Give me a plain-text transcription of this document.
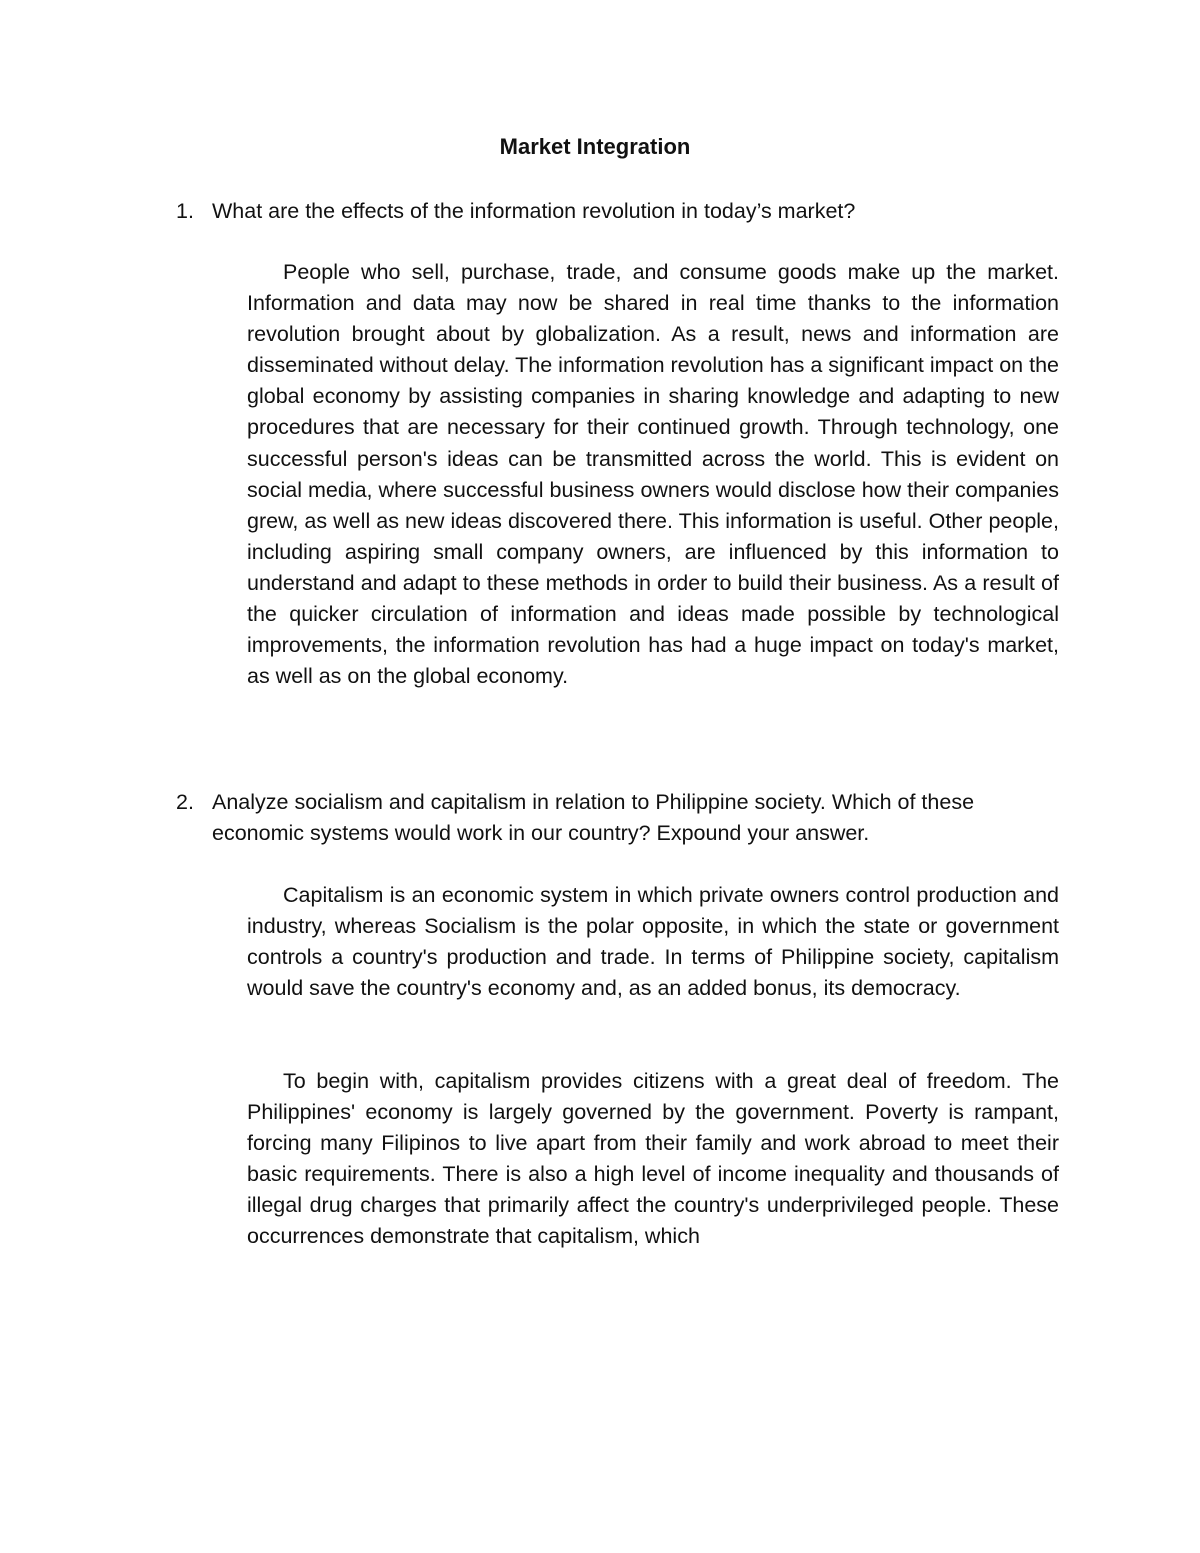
Market Integration
1. What are the effects of the information revolution in today’s market?

People who sell, purchase, trade, and consume goods make up the market. Information and data may now be shared in real time thanks to the information revolution brought about by globalization. As a result, news and information are disseminated without delay. The information revolution has a significant impact on the global economy by assisting companies in sharing knowledge and adapting to new procedures that are necessary for their continued growth. Through technology, one successful person's ideas can be transmitted across the world. This is evident on social media, where successful business owners would disclose how their companies grew, as well as new ideas discovered there. This information is useful. Other people, including aspiring small company owners, are influenced by this information to understand and adapt to these methods in order to build their business. As a result of the quicker circulation of information and ideas made possible by technological improvements, the information revolution has had a huge impact on today's market, as well as on the global economy.

2. Analyze socialism and capitalism in relation to Philippine society. Which of these economic systems would work in our country? Expound your answer.

Capitalism is an economic system in which private owners control production and industry, whereas Socialism is the polar opposite, in which the state or government controls a country's production and trade. In terms of Philippine society, capitalism would save the country's economy and, as an added bonus, its democracy.

To begin with, capitalism provides citizens with a great deal of freedom. The Philippines' economy is largely governed by the government. Poverty is rampant, forcing many Filipinos to live apart from their family and work abroad to meet their basic requirements. There is also a high level of income inequality and thousands of illegal drug charges that primarily affect the country's underprivileged people. These occurrences demonstrate that capitalism, which
